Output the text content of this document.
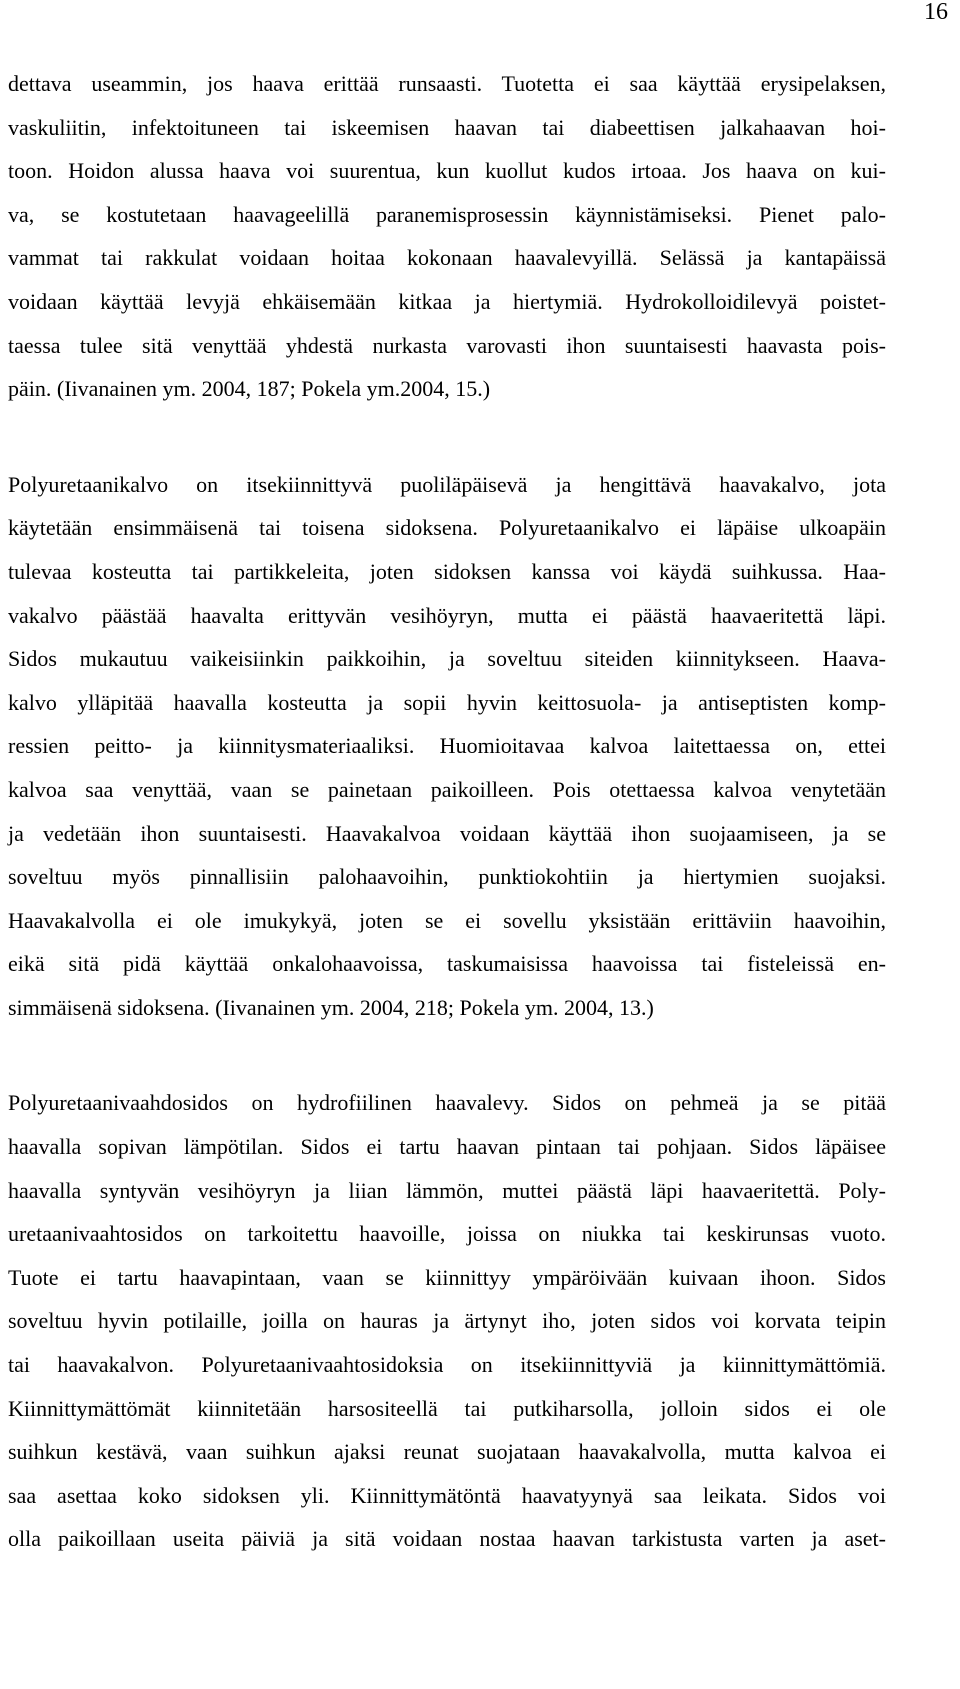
16
dettava useammin, jos haava erittää runsaasti. Tuotetta ei saa käyttää erysipelaksen,
vaskuliitin, infektoituneen tai iskeemisen haavan tai diabeettisen jalkahaavan hoi-
toon. Hoidon alussa haava voi suurentua, kun kuollut kudos irtoaa. Jos haava on kui-
va, se kostutetaan haavageelillä paranemisprosessin käynnistämiseksi. Pienet palo-
vammat tai rakkulat voidaan hoitaa kokonaan haavalevyillä. Selässä ja kantapäissä
voidaan käyttää levyjä ehkäisemään kitkaa ja hiertymiä. Hydrokolloidilevyä poistet-
taessa tulee sitä venyttää yhdestä nurkasta varovasti ihon suuntaisesti haavasta pois-
päin. (Iivanainen ym. 2004, 187; Pokela ym.2004, 15.)
Polyuretaanikalvo on itsekiinnittyvä puoliläpäisevä ja hengittävä haavakalvo, jota
käytetään ensimmäisenä tai toisena sidoksena. Polyuretaanikalvo ei läpäise ulkoapäin
tulevaa kosteutta tai partikkeleita, joten sidoksen kanssa voi käydä suihkussa. Haa-
vakalvo päästää haavalta erittyvän vesihöyryn, mutta ei päästä haavaeritettä läpi.
Sidos mukautuu vaikeisiinkin paikkoihin, ja soveltuu siteiden kiinnitykseen. Haava-
kalvo ylläpitää haavalla kosteutta ja sopii hyvin keittosuola- ja antiseptisten komp-
ressien peitto- ja kiinnitysmateriaaliksi. Huomioitavaa kalvoa laitettaessa on, ettei
kalvoa saa venyttää, vaan se painetaan paikoilleen. Pois otettaessa kalvoa venytetään
ja vedetään ihon suuntaisesti. Haavakalvoa voidaan käyttää ihon suojaamiseen, ja se
soveltuu myös pinnallisiin palohaavoihin, punktiokohtiin ja hiertymien suojaksi.
Haavakalvolla ei ole imukykyä, joten se ei sovellu yksistään erittäviin haavoihin,
eikä sitä pidä käyttää onkalohaavoissa, taskumaisissa haavoissa tai fisteleissä en-
simmäisenä sidoksena. (Iivanainen ym. 2004, 218; Pokela ym. 2004, 13.)
Polyuretaanivaahdosidos on hydrofiilinen haavalevy. Sidos on pehmeä ja se pitää
haavalla sopivan lämpötilan. Sidos ei tartu haavan pintaan tai pohjaan. Sidos läpäisee
haavalla syntyvän vesihöyryn ja liian lämmön, muttei päästä läpi haavaeritettä. Poly-
uretaanivaahtosidos on tarkoitettu haavoille, joissa on niukka tai keskirunsas vuoto.
Tuote ei tartu haavapintaan, vaan se kiinnittyy ympäröivään kuivaan ihoon. Sidos
soveltuu hyvin potilaille, joilla on hauras ja ärtynyt iho, joten sidos voi korvata teipin
tai haavakalvon. Polyuretaanivaahtosidoksia on itsekiinnittyviä ja kiinnittymättömiä.
Kiinnittymättömät kiinnitetään harsositeellä tai putkiharsolla, jolloin sidos ei ole
suihkun kestävä, vaan suihkun ajaksi reunat suojataan haavakalvolla, mutta kalvoa ei
saa asettaa koko sidoksen yli. Kiinnittymätöntä haavatyynyä saa leikata. Sidos voi
olla paikoillaan useita päiviä ja sitä voidaan nostaa haavan tarkistusta varten ja aset-
